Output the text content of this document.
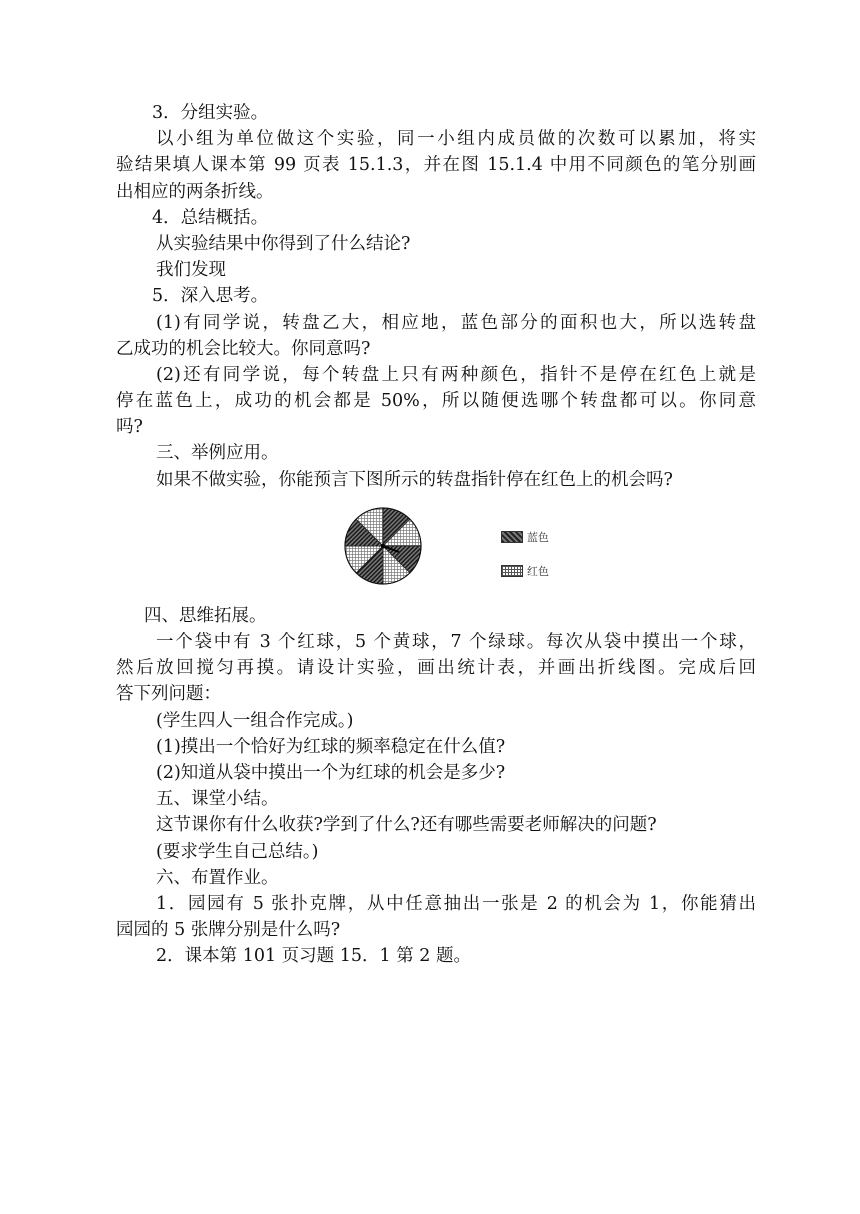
3．分组实验。
以小组为单位做这个实验，同一小组内成员做的次数可以累加，将实
验结果填人课本第 99 页表 15.1.3，并在图 15.1.4 中用不同颜色的笔分别画
出相应的两条折线。
4．总结概括。
从实验结果中你得到了什么结论?
我们发现
5．深入思考。
(1)有同学说，转盘乙大，相应地，蓝色部分的面积也大，所以选转盘
乙成功的机会比较大。你同意吗?
(2)还有同学说，每个转盘上只有两种颜色，指针不是停在红色上就是
停在蓝色上，成功的机会都是 50%，所以随便选哪个转盘都可以。你同意
吗?
三、举例应用。
如果不做实验，你能预言下图所示的转盘指针停在红色上的机会吗?
蓝色
红色
四、思维拓展。
一个袋中有 3 个红球，5 个黄球，7 个绿球。每次从袋中摸出一个球，
然后放回搅匀再摸。请设计实验，画出统计表，并画出折线图。完成后回
答下列问题：
(学生四人一组合作完成。)
(1)摸出一个恰好为红球的频率稳定在什么值?
(2)知道从袋中摸出一个为红球的机会是多少?
五、课堂小结。
这节课你有什么收获?学到了什么?还有哪些需要老师解决的问题?
(要求学生自己总结。)
六、布置作业。
1．园园有 5 张扑克牌，从中任意抽出一张是 2 的机会为 1，你能猜出
园园的 5 张牌分别是什么吗?
2．课本第 101 页习题 15．1 第 2 题。
